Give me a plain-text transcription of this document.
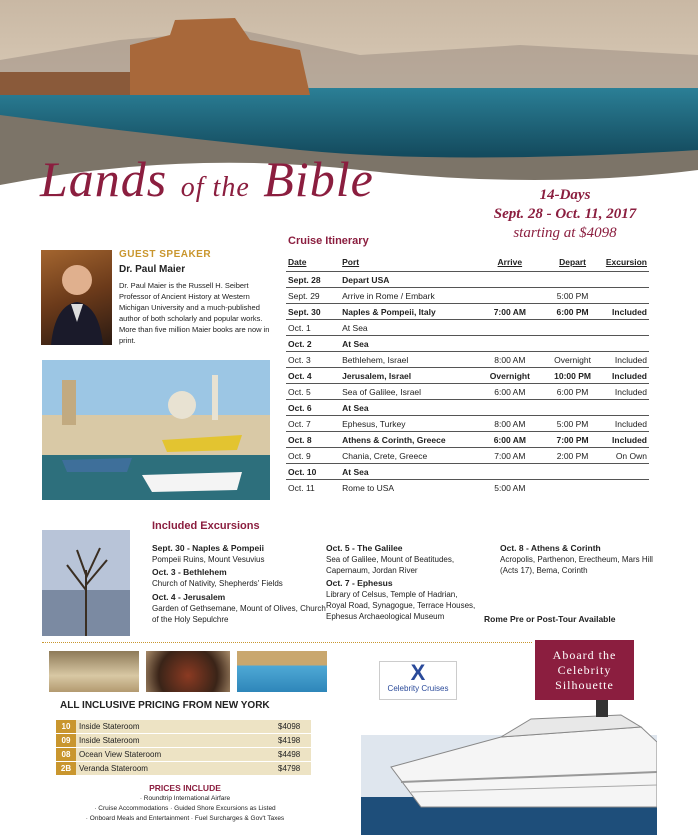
Lands of the Bible	14-Days
Sept. 28 - Oct. 11, 2017
starting at $4098
GUEST SPEAKER
Dr. Paul Maier
Dr. Paul Maier is the Russell H. Seibert Professor of Ancient History at Western Michigan University and a much-published author of both scholarly and popular works. More than five million Maier books are now in print.
Cruise Itinerary
Date	Port	Arrive	Depart	Excursion
Sept. 28	Depart USA			
Sept. 29	Arrive in Rome / Embark		5:00 PM	
Sept. 30	Naples & Pompeii, Italy	7:00 AM	6:00 PM	Included
Oct. 1	At Sea			
Oct. 2	At Sea			
Oct. 3	Bethlehem, Israel	8:00 AM	Overnight	Included
Oct. 4	Jerusalem, Israel	Overnight	10:00 PM	Included
Oct. 5	Sea of Galilee, Israel	6:00 AM	6:00 PM	Included
Oct. 6	At Sea			
Oct. 7	Ephesus, Turkey	8:00 AM	5:00 PM	Included
Oct. 8	Athens & Corinth, Greece	6:00 AM	7:00 PM	Included
Oct. 9	Chania, Crete, Greece	7:00 AM	2:00 PM	On Own
Oct. 10	At Sea			
Oct. 11	Rome to USA	5:00 AM		
Included Excursions
Sept. 30 - Naples & Pompeii
Pompeii Ruins, Mount Vesuvius
Oct. 3 - Bethlehem
Church of Nativity, Shepherds' Fields
Oct. 4 - Jerusalem
Garden of Gethsemane, Mount of Olives, Church of the Holy Sepulchre
Oct. 5 - The Galilee
Sea of Galilee, Mount of Beatitudes, Capernaum, Jordan River
Oct. 7 - Ephesus
Library of Celsus, Temple of Hadrian, Royal Road, Synagogue, Terrace Houses, Ephesus Archaeological Museum
Oct. 8 - Athens & Corinth
Acropolis, Parthenon, Erectheum, Mars Hill (Acts 17), Bema, Corinth
Rome Pre or Post-Tour Available
ALL INCLUSIVE PRICING FROM NEW YORK
10	Inside Stateroom	$4098
09	Inside Stateroom	$4198
08	Ocean View Stateroom	$4498
2B	Veranda Stateroom	$4798
PRICES INCLUDE
· Roundtrip International Airfare
· Cruise Accommodations · Guided Shore Excursions as Listed
· Onboard Meals and Entertainment · Fuel Surcharges & Gov't Taxes
X
Celebrity Cruises
Aboard the Celebrity Silhouette
